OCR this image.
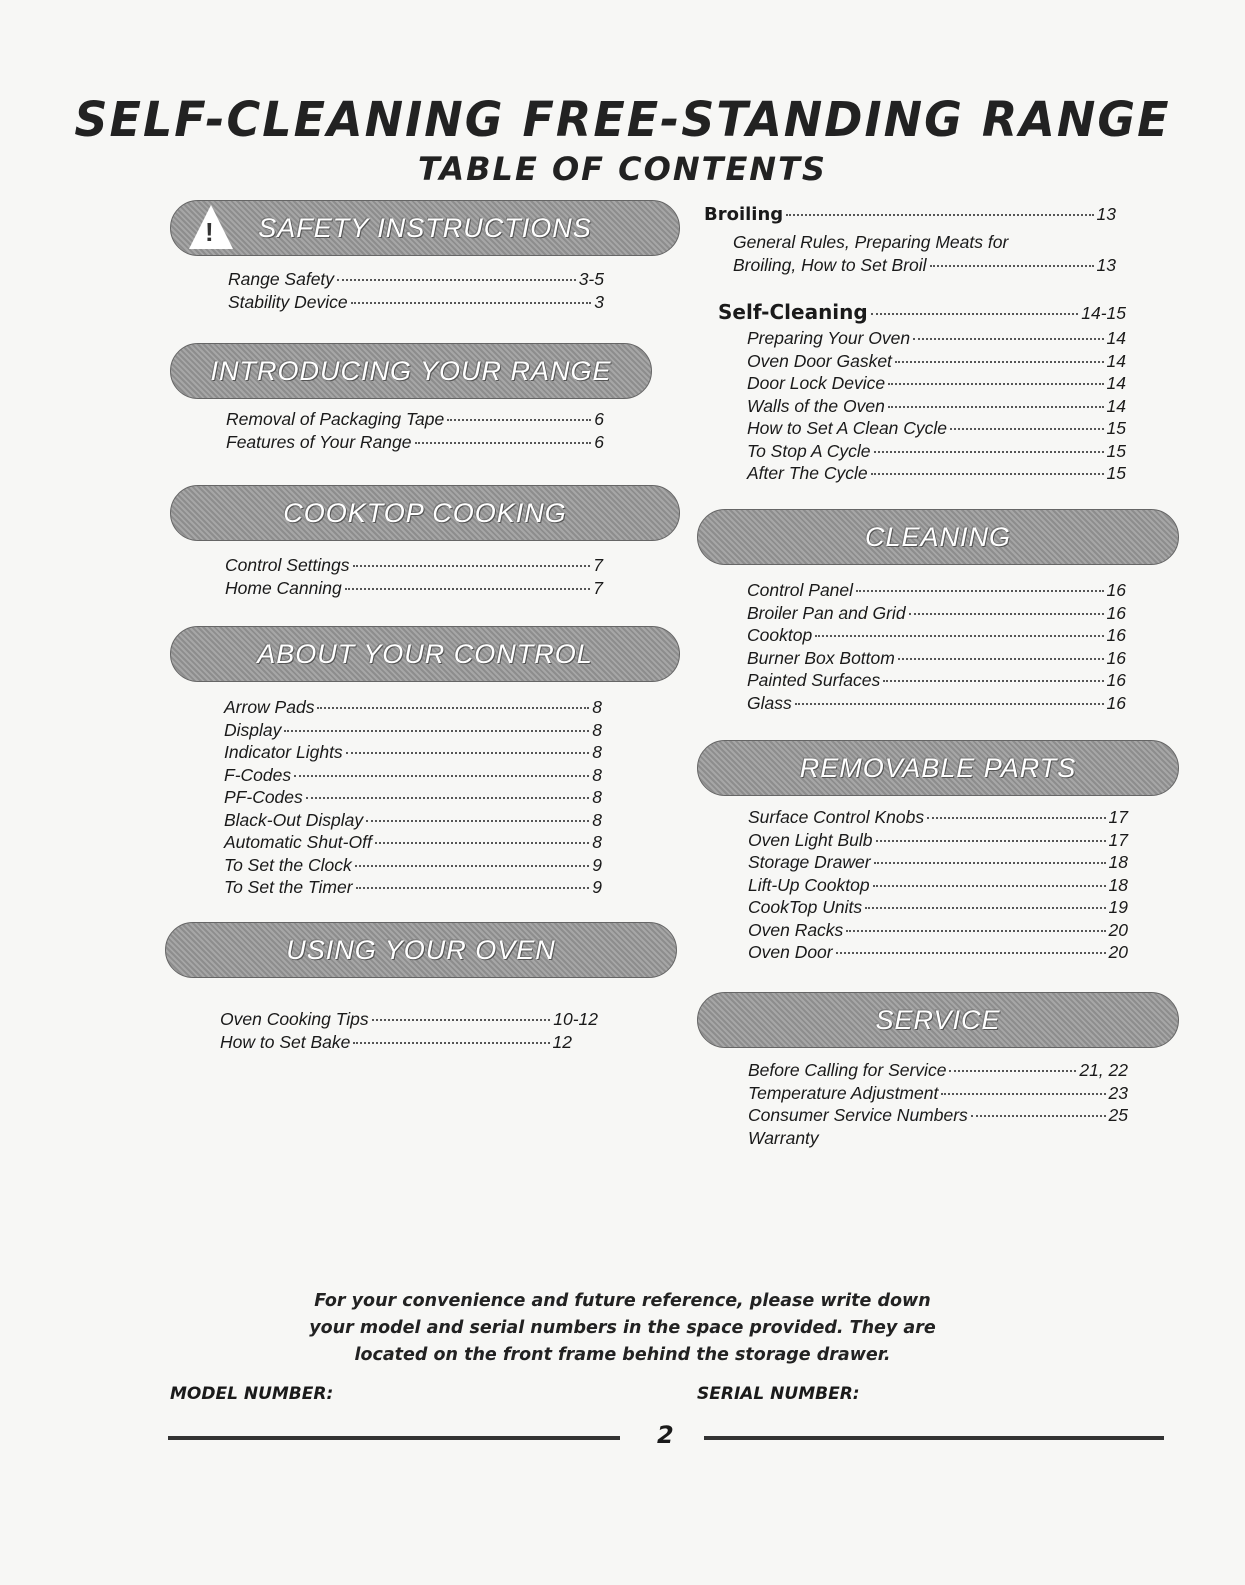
SELF-CLEANING FREE-STANDING RANGE
TABLE OF CONTENTS
! SAFETY INSTRUCTIONS
Range Safety	3-5
Stability Device	3
INTRODUCING YOUR RANGE
Removal of Packaging Tape	6
Features of Your Range	6
COOKTOP COOKING
Control Settings	7
Home Canning	7
ABOUT YOUR CONTROL
Arrow Pads	8
Display	8
Indicator Lights	8
F-Codes	8
PF-Codes	8
Black-Out Display	8
Automatic Shut-Off	8
To Set the Clock	9
To Set the Timer	9
USING YOUR OVEN
Oven Cooking Tips	10-12
How to Set Bake	12
Broiling	13
General Rules, Preparing Meats for
Broiling, How to Set Broil	13
Self-Cleaning	14-15
Preparing Your Oven	14
Oven Door Gasket	14
Door Lock Device	14
Walls of the Oven	14
How to Set A Clean Cycle	15
To Stop A Cycle	15
After The Cycle	15
CLEANING
Control Panel	16
Broiler Pan and Grid	16
Cooktop	16
Burner Box Bottom	16
Painted Surfaces	16
Glass	16
REMOVABLE PARTS
Surface Control Knobs	17
Oven Light Bulb	17
Storage Drawer	18
Lift-Up Cooktop	18
CookTop Units	19
Oven Racks	20
Oven Door	20
SERVICE
Before Calling for Service	21, 22
Temperature Adjustment	23
Consumer Service Numbers	25
Warranty
For your convenience and future reference, please write down
your model and serial numbers in the space provided. They are
located on the front frame behind the storage drawer.
MODEL NUMBER:	SERIAL NUMBER:
2
